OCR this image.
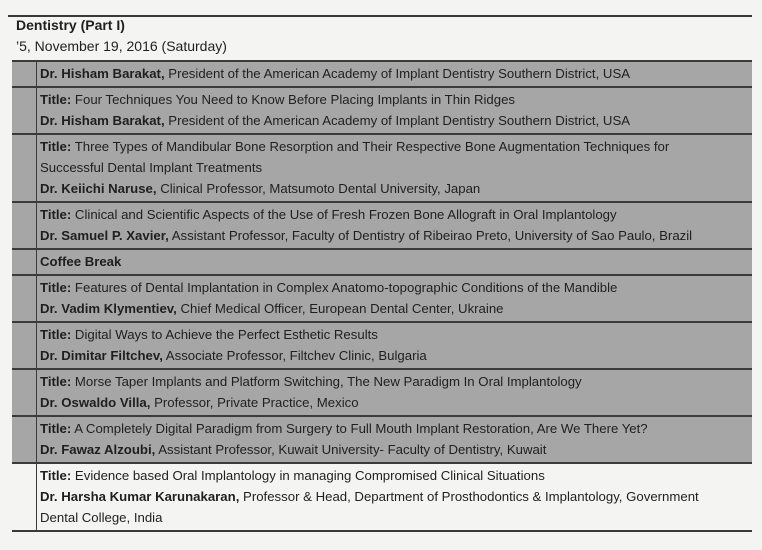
Dentistry (Part I)
’5, November 19, 2016 (Saturday)
Dr. Hisham Barakat, President of the American Academy of Implant Dentistry Southern District, USA
Title: Four Techniques You Need to Know Before Placing Implants in Thin Ridges
Dr. Hisham Barakat, President of the American Academy of Implant Dentistry Southern District, USA
Title: Three Types of Mandibular Bone Resorption and Their Respective Bone Augmentation Techniques for
Successful Dental Implant Treatments
Dr. Keiichi Naruse, Clinical Professor, Matsumoto Dental University, Japan
Title: Clinical and Scientific Aspects of the Use of Fresh Frozen Bone Allograft in Oral Implantology
Dr. Samuel P. Xavier, Assistant Professor, Faculty of Dentistry of Ribeirao Preto, University of Sao Paulo, Brazil
Coffee Break
Title: Features of Dental Implantation in Complex Anatomo-topographic Conditions of the Mandible
Dr. Vadim Klymentiev, Chief Medical Officer, European Dental Center, Ukraine
Title: Digital Ways to Achieve the Perfect Esthetic Results
Dr. Dimitar Filtchev, Associate Professor, Filtchev Clinic, Bulgaria
Title: Morse Taper Implants and Platform Switching, The New Paradigm In Oral Implantology
Dr. Oswaldo Villa, Professor, Private Practice, Mexico
Title: A Completely Digital Paradigm from Surgery to Full Mouth Implant Restoration, Are We There Yet?
Dr. Fawaz Alzoubi, Assistant Professor, Kuwait University- Faculty of Dentistry, Kuwait
Title: Evidence based Oral Implantology in managing Compromised Clinical Situations
Dr. Harsha Kumar Karunakaran, Professor & Head, Department of Prosthodontics & Implantology, Government
Dental College, India
